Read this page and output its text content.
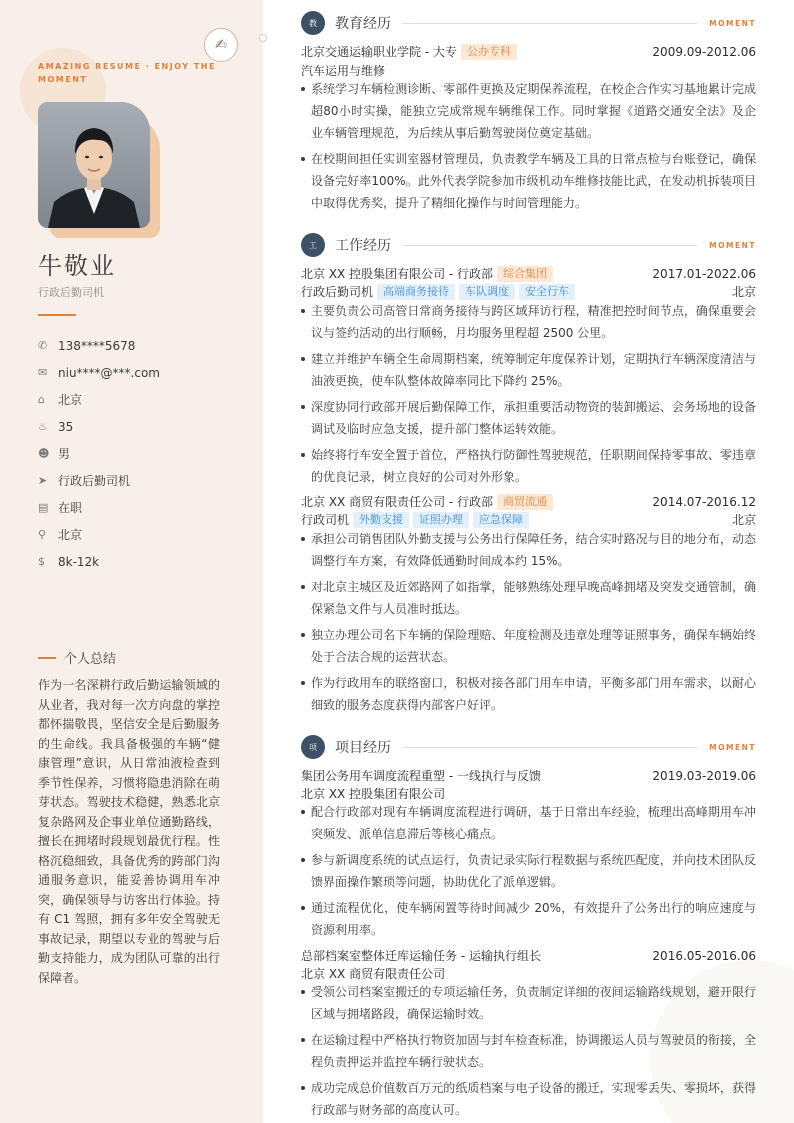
AMAZING RESUME · ENJOY THE MOMENT
牛敬业
行政后勤司机
✆ 138****5678
✉ niu****@***.com
⌂	北京
♨ 35
☻ 男
➤ 行政后勤司机
▤ 在职
⚲ 北京
$	8k-12k
个人总结
作为一名深耕行政后勤运输领域的从业者，我对每一次方向盘的掌控都怀揣敬畏，坚信安全是后勤服务的生命线。我具备极强的车辆“健康管理”意识，从日常油液检查到季节性保养，习惯将隐患消除在萌芽状态。驾驶技术稳健，熟悉北京复杂路网及企事业单位通勤路线，擅长在拥堵时段规划最优行程。性格沉稳细致，具备优秀的跨部门沟通服务意识，能妥善协调用车冲突，确保领导与访客出行体验。持有 C1 驾照，拥有多年安全驾驶无事故记录，期望以专业的驾驶与后勤支持能力，成为团队可靠的出行保障者。
✍
教	教育经历	MOMENT
北京交通运输职业学院 - 大专 公办专科	2009.09-2012.06
汽车运用与维修
系统学习车辆检测诊断、零部件更换及定期保养流程，在校企合作实习基地累计完成超80小时实操，能独立完成常规车辆维保工作。同时掌握《道路交通安全法》及企业车辆管理规范，为后续从事后勤驾驶岗位奠定基础。
在校期间担任实训室器材管理员，负责教学车辆及工具的日常点检与台账登记，确保设备完好率100%。此外代表学院参加市级机动车维修技能比武，在发动机拆装项目中取得优秀奖，提升了精细化操作与时间管理能力。
工	工作经历	MOMENT
北京 XX 控股集团有限公司 - 行政部 综合集团	2017.01-2022.06
行政后勤司机 高端商务接待	车队调度	安全行车	北京
主要负责公司高管日常商务接待与跨区域拜访行程，精准把控时间节点，确保重要会议与签约活动的出行顺畅，月均服务里程超 2500 公里。
建立并维护车辆全生命周期档案，统筹制定年度保养计划，定期执行车辆深度清洁与油液更换，使车队整体故障率同比下降约 25%。
深度协同行政部开展后勤保障工作，承担重要活动物资的装卸搬运、会务场地的设备调试及临时应急支援，提升部门整体运转效能。
始终将行车安全置于首位，严格执行防御性驾驶规范，任职期间保持零事故、零违章的优良记录，树立良好的公司对外形象。
北京 XX 商贸有限责任公司 - 行政部 商贸流通	2014.07-2016.12
行政司机 外勤支援	证照办理	应急保障	北京
承担公司销售团队外勤支援与公务出行保障任务，结合实时路况与目的地分布，动态调整行车方案，有效降低通勤时间成本约 15%。
对北京主城区及近郊路网了如指掌，能够熟练处理早晚高峰拥堵及突发交通管制，确保紧急文件与人员准时抵达。
独立办理公司名下车辆的保险理赔、年度检测及违章处理等证照事务，确保车辆始终处于合法合规的运营状态。
作为行政用车的联络窗口，积极对接各部门用车申请，平衡多部门用车需求，以耐心细致的服务态度获得内部客户好评。
项	项目经历	MOMENT
集团公务用车调度流程重塑 - 一线执行与反馈	2019.03-2019.06
北京 XX 控股集团有限公司
配合行政部对现有车辆调度流程进行调研，基于日常出车经验，梳理出高峰期用车冲突频发、派单信息滞后等核心痛点。
参与新调度系统的试点运行，负责记录实际行程数据与系统匹配度，并向技术团队反馈界面操作繁琐等问题，协助优化了派单逻辑。
通过流程优化，使车辆闲置等待时间减少 20%，有效提升了公务出行的响应速度与资源利用率。
总部档案室整体迁库运输任务 - 运输执行组长	2016.05-2016.06
北京 XX 商贸有限责任公司
受领公司档案室搬迁的专项运输任务，负责制定详细的夜间运输路线规划，避开限行区域与拥堵路段，确保运输时效。
在运输过程中严格执行物资加固与封车检查标准，协调搬运人员与驾驶员的衔接，全程负责押运并监控车辆行驶状态。
成功完成总价值数百万元的纸质档案与电子设备的搬迁，实现零丢失、零损坏，获得行政部与财务部的高度认可。
